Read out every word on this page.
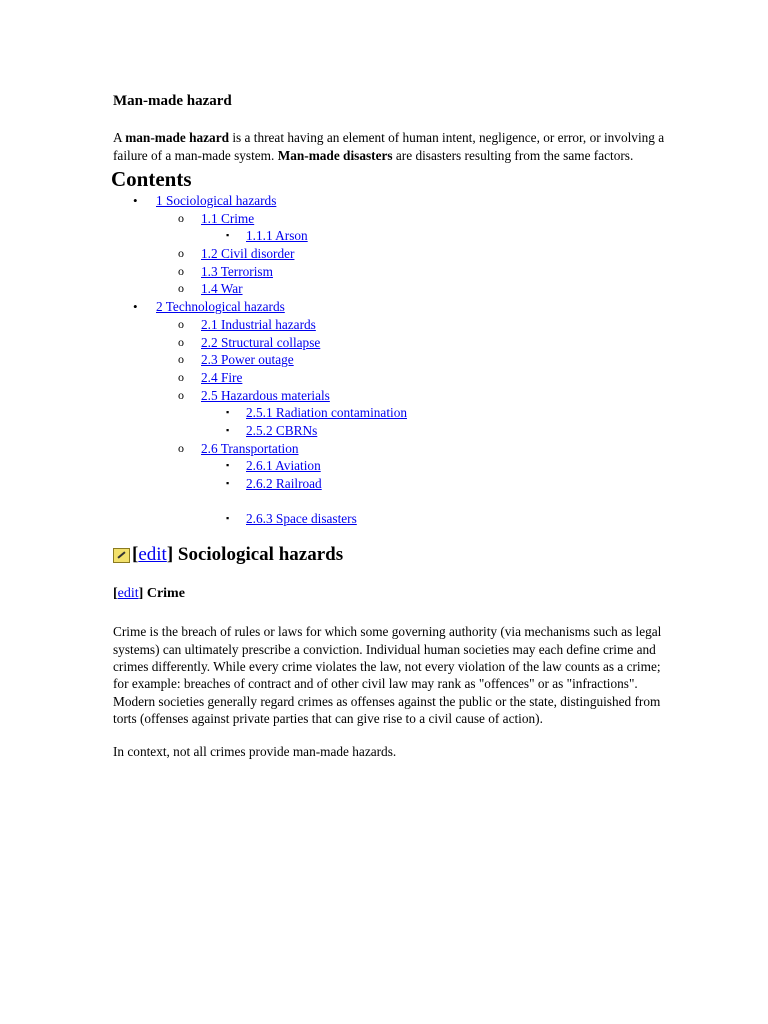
Man-made hazard

A man-made hazard is a threat having an element of human intent, negligence, or error, or involving a failure of a man-made system. Man-made disasters are disasters resulting from the same factors.

Contents
• 1 Sociological hazards
o 1.1 Crime
▪ 1.1.1 Arson
o 1.2 Civil disorder
o 1.3 Terrorism
o 1.4 War
• 2 Technological hazards
o 2.1 Industrial hazards
o 2.2 Structural collapse
o 2.3 Power outage
o 2.4 Fire
o 2.5 Hazardous materials
▪ 2.5.1 Radiation contamination
▪ 2.5.2 CBRNs
o 2.6 Transportation
▪ 2.6.1 Aviation
▪ 2.6.2 Railroad
▪ 2.6.3 Space disasters
[ edit ] Sociological hazards
[edit] Crime

Crime is the breach of rules or laws for which some governing authority (via mechanisms such as legal systems) can ultimately prescribe a conviction. Individual human societies may each define crime and crimes differently. While every crime violates the law, not every violation of the law counts as a crime; for example: breaches of contract and of other civil law may rank as "offences" or as "infractions". Modern societies generally regard crimes as offenses against the public or the state, distinguished from torts (offenses against private parties that can give rise to a civil cause of action).

In context, not all crimes provide man-made hazards.
